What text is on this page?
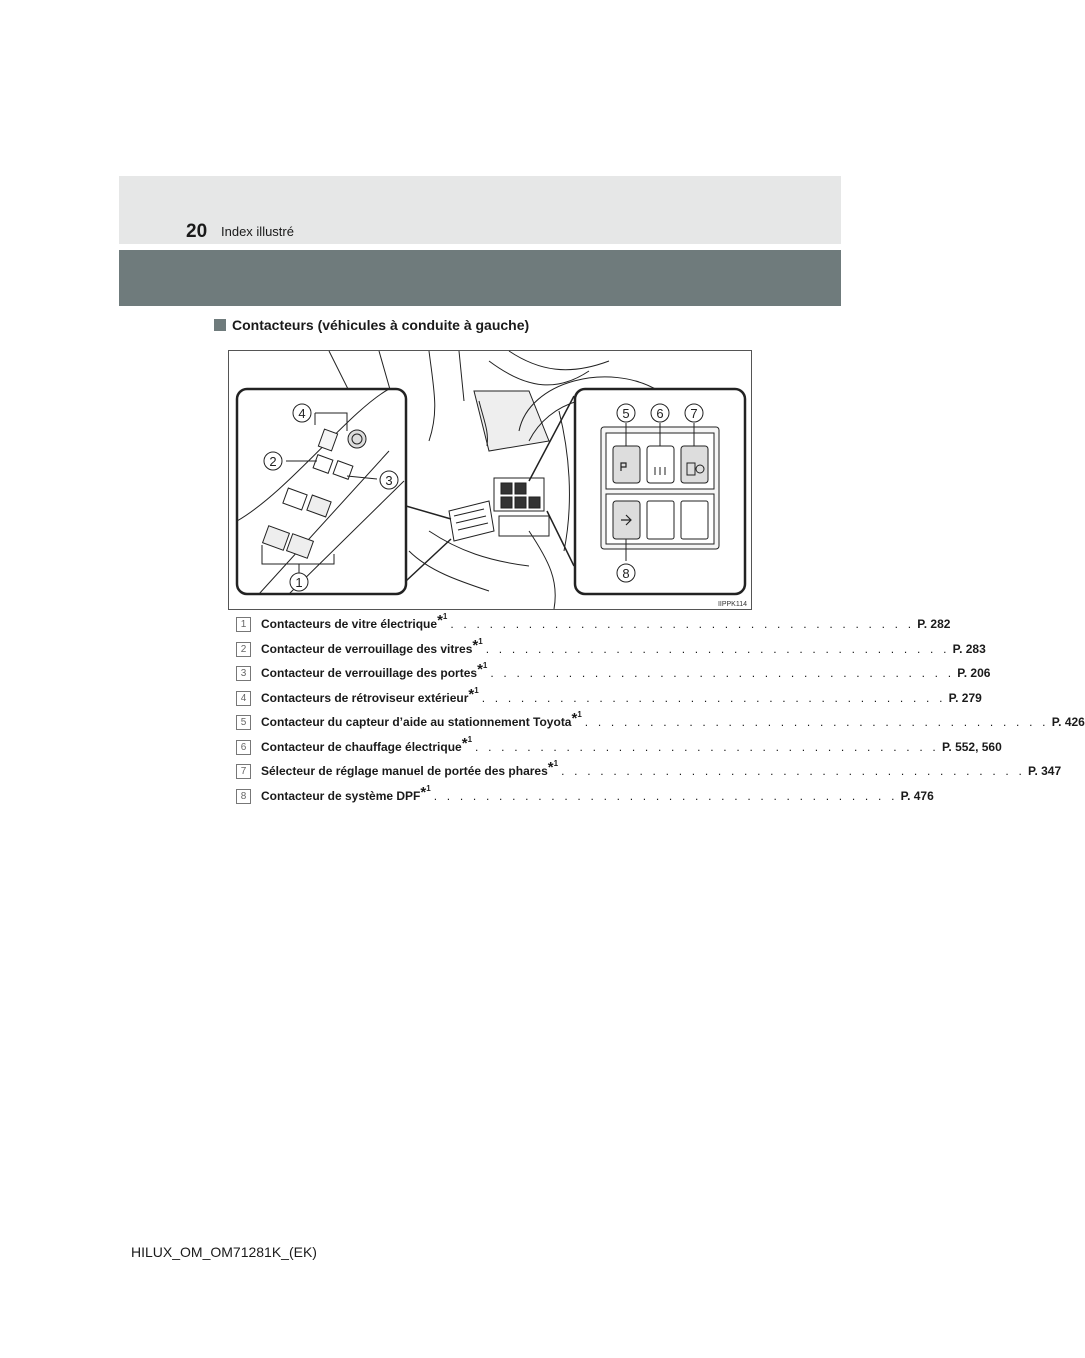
20 Index illustré
Contacteurs (véhicules à conduite à gauche)
4
2
3
1
5 6 7
8
IIPPK114
1	Contacteurs de vitre électrique *$^1$
. . . . . . . . . . . . . . . . . . . . . . . . . . . . . . . . . . . . P. 282
2	Contacteur de verrouillage des vitres *$^1$
. . . . . . . . . . . . . . . . . . . . . . . . . . . . . . . . . . . . P. 283
3	Contacteur de verrouillage des portes *$^1$
. . . . . . . . . . . . . . . . . . . . . . . . . . . . . . . . . . . . P. 206
4	Contacteurs de rétroviseur extérieur *$^1$
. . . . . . . . . . . . . . . . . . . . . . . . . . . . . . . . . . . . P. 279
5	Contacteur du capteur d’aide au stationnement Toyota *$^1$
. . . . . . . . . . . . . . . . . . . . . . . . . . . . . . . . . . . . P. 426
6	Contacteur de chauffage électrique *$^1$
. . . . . . . . . . . . . . . . . . . . . . . . . . . . . . . . . . . . P. 552, 560
7	Sélecteur de réglage manuel de portée des phares *$^1$
. . . . . . . . . . . . . . . . . . . . . . . . . . . . . . . . . . . . P. 347
8	Contacteur de système DPF *$^1$
. . . . . . . . . . . . . . . . . . . . . . . . . . . . . . . . . . . . P. 476
HILUX_OM_OM71281K_(EK)
